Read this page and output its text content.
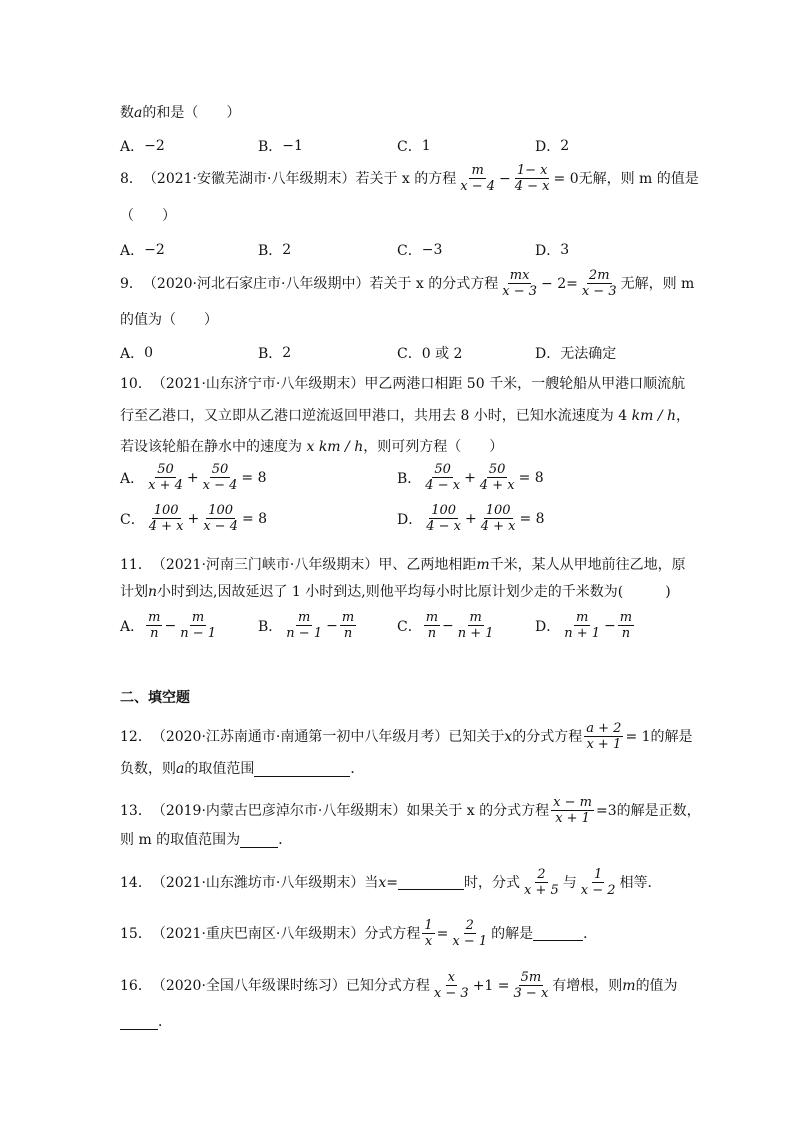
数 a 的和是（　　）
A． −2	B． −1	C． 1	D． 2
8． （2021·安徽芜湖市·八年级期末） 若关于 x 的方程 $\frac{m}{x - 4} - \frac{1- x}{4 - x} = 0$ 无解，则 m 的值是
（　　）
A． −2	B． 2	C． −3	D． 3
9． （2020·河北石家庄市·八年级期中） 若关于 x 的分式方程 $\frac{mx}{x - 3} - 2= \frac{2m}{x - 3}$ 无解，则 m
的值为（　　）
A． 0	B． 2	C． 0 或 2	D． 无法确定
10． （2021·山东济宁市·八年级期末） 甲乙两港口相距 50 千米，一艘轮船从甲港口顺流航
行至乙港口，又立即从乙港口逆流返回甲港口，共用去 8 小时，已知水流速度为 4
km / h ，
若设该轮船在静水中的速度为
x
km / h ，则可列方程（　　）
A． $\frac{50}{x + 4} + \frac{50}{x - 4} = 8$	B． $\frac{50}{4 - x} + \frac{50}{4 + x} = 8$
C． $\frac{100}{4 + x} + \frac{100}{x - 4} = 8$	D． $\frac{100}{4 - x} + \frac{100}{4 + x} = 8$
11． （2021·河南三门峡市·八年级期末） 甲、乙两地相距 m 千米，某人从甲地前往乙地，原
计划 n 小时到达,因故延迟了 1 小时到达,则他平均每小时比原计划少走的千米数为(　　　)
A． $\frac{m}{n} - \frac{m}{n - 1}$	B． $\frac{m}{n - 1} - \frac{m}{n}$	C． $\frac{m}{n} - \frac{m}{n + 1}$	D． $\frac{m}{n + 1} - \frac{m}{n}$
二、填空题
12． （2020·江苏南通市·南通第一初中八年级月考） 已知关于 x 的分式方程 $\frac{a + 2}{x + 1} = 1$ 的解是
负数，则 a 的取值范围	．
13． （2019·内蒙古巴彦淖尔市·八年级期末） 如果关于 x 的分式方程 $\frac{x - m}{x + 1} =3$ 的解是正数，
则 m 的取值范围为	．
14． （2021·山东潍坊市·八年级期末） 当 x =	时，分式 $\frac{2}{x + 5}$ 与 $\frac{1}{x - 2}$ 相等．
15． （2021·重庆巴南区·八年级期末） 分式方程 $\frac{1}{x} = \frac{2}{x - 1}$ 的解是	．
16． （2020·全国八年级课时练习） 已知分式方程 $\frac{x}{x - 3} +1 = \frac{5m}{3 - x}$ 有增根，则 m 的值为
．
